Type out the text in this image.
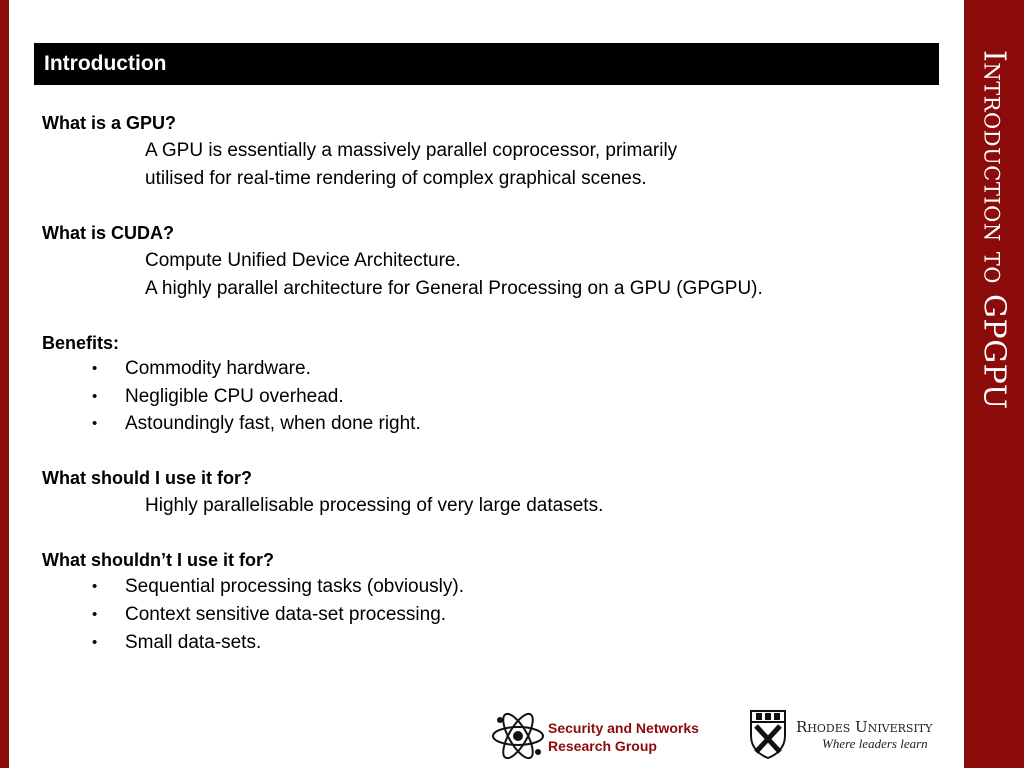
Introduction to GPGPU
Introduction
What is a GPU?
A GPU is essentially a massively parallel coprocessor, primarily
utilised for real-time rendering of complex graphical scenes.
What is CUDA?
Compute Unified Device Architecture.
A highly parallel architecture for General Processing on a GPU (GPGPU).
Benefits:
• Commodity hardware.
• Negligible CPU overhead.
• Astoundingly fast, when done right.
What should I use it for?
Highly parallelisable processing of very large datasets.
What shouldn’t I use it for?
• Sequential processing tasks (obviously).
• Context sensitive data-set processing.
• Small data-sets.
Security and Networks
Research Group
Rhodes University
Where leaders learn
